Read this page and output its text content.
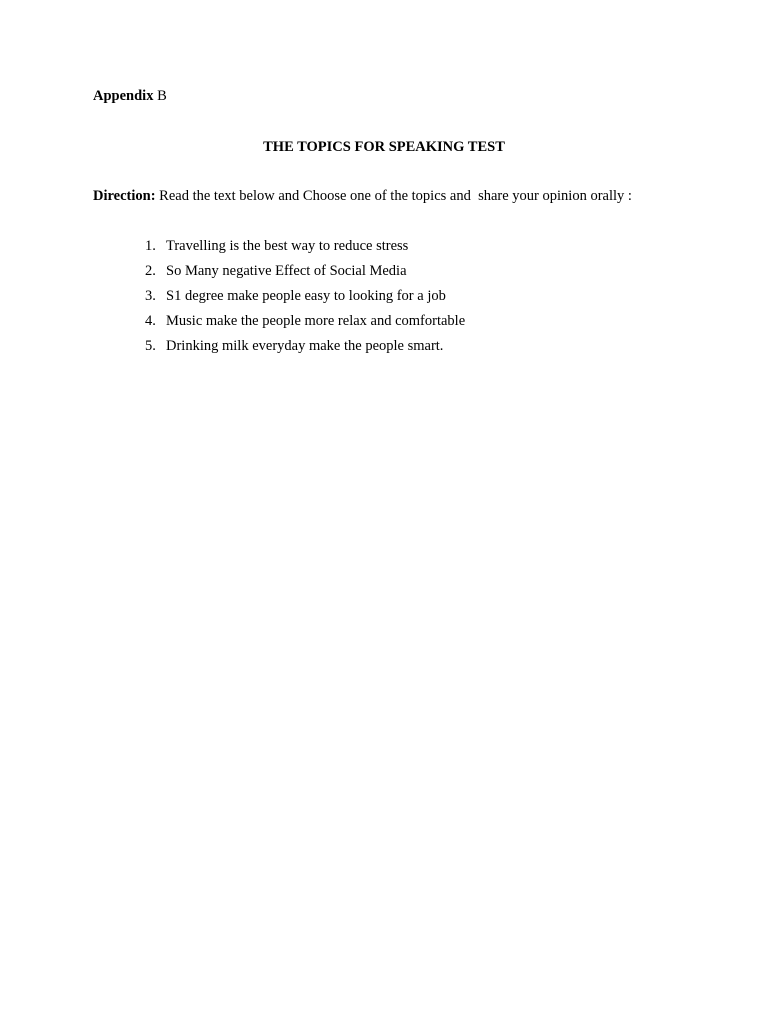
Appendix B
THE TOPICS FOR SPEAKING TEST
Direction: Read the text below and Choose one of the topics and  share your opinion orally :
1. Travelling is the best way to reduce stress
2. So Many negative Effect of Social Media
3. S1 degree make people easy to looking for a job
4. Music make the people more relax and comfortable
5. Drinking milk everyday make the people smart.
